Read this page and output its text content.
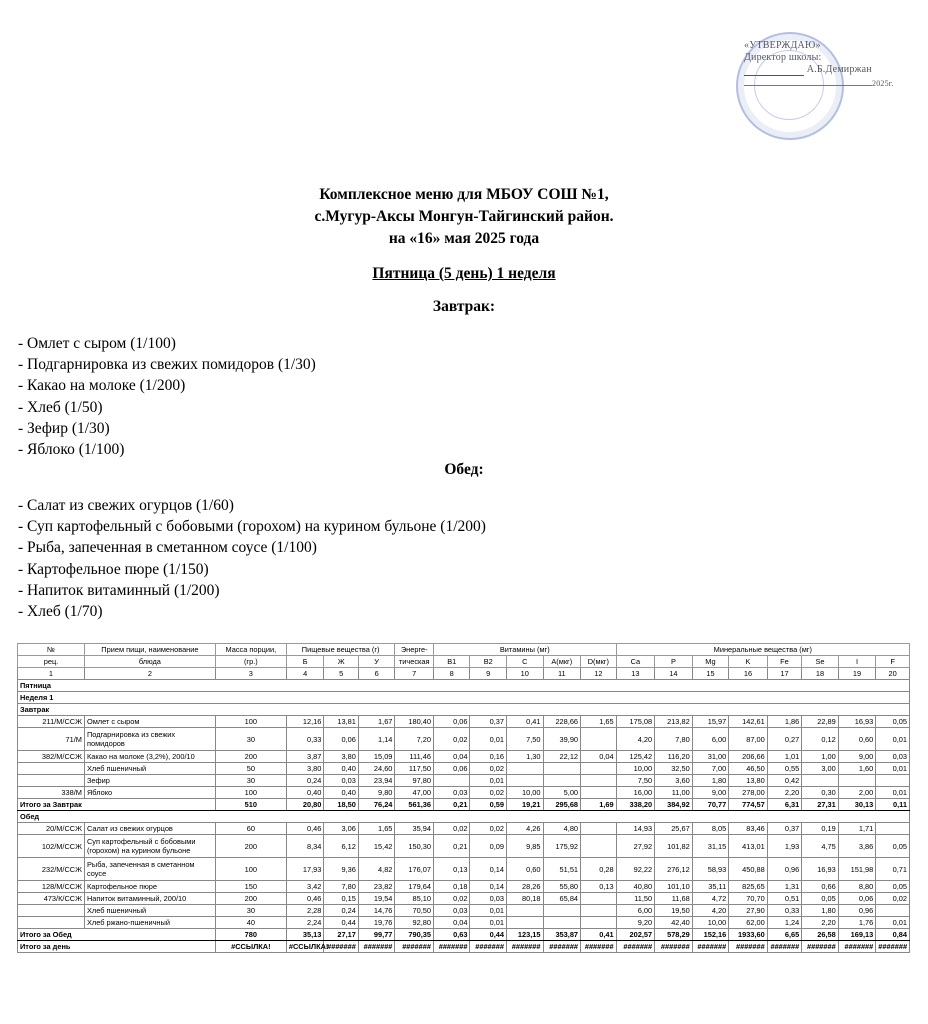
«УТВЕРЖДАЮ»
Директор школы:
А.Б.Демиржан
2025г.
Комплексное меню для МБОУ СОШ №1,
с.Мугур-Аксы Монгун-Тайгинский район.
на «16» мая 2025 года
Пятница (5 день) 1 неделя
Завтрак:
- Омлет с сыром (1/100)
- Подгарнировка из свежих помидоров (1/30)
- Какао на молоке (1/200)
- Хлеб (1/50)
- Зефир (1/30)
- Яблоко (1/100)
Обед:
- Салат из свежих огурцов (1/60)
- Суп картофельный с бобовыми (горохом) на курином бульоне (1/200)
- Рыба, запеченная в сметанном соусе (1/100)
- Картофельное пюре (1/150)
- Напиток витаминный (1/200)
- Хлеб (1/70)
№	Прием пищи, наименование	Масса порции,	Пищевые вещества (г)			Энерге-	Витамины (мг)					Минеральные вещества (мг)							
рец.	блюда	(гр.)	Б	Ж	У	тическая	В1	В2	С	А(мкг)	D(мкг)	Ca	P	Mg	K	Fe	Se	I	F
1	2	3	4	5	6	7	8	9	10	11	12	13	14	15	16	17	18	19	20
Пятница																			
Неделя 1																			
Завтрак																			
211/М/ССЖ	Омлет с сыром	100	12,16	13,81	1,67	180,40	0,06	0,37	0,41	228,66	1,65	175,08	213,82	15,97	142,61	1,86	22,89	16,93	0,05
71/М	Подгарнировка из свежих помидоров	30	0,33	0,06	1,14	7,20	0,02	0,01	7,50	39,90		4,20	7,80	6,00	87,00	0,27	0,12	0,60	0,01
382/М/ССЖ	Какао на молоке (3,2%), 200/10	200	3,87	3,80	15,09	111,46	0,04	0,16	1,30	22,12	0,04	125,42	116,20	31,00	206,66	1,01	1,00	9,00	0,03
	Хлеб пшеничный	50	3,80	0,40	24,60	117,50	0,06	0,02				10,00	32,50	7,00	46,50	0,55	3,00	1,60	0,01
	Зефир	30	0,24	0,03	23,94	97,80		0,01				7,50	3,60	1,80	13,80	0,42			
338/М	Яблоко	100	0,40	0,40	9,80	47,00	0,03	0,02	10,00	5,00		16,00	11,00	9,00	278,00	2,20	0,30	2,00	0,01
Итого за Завтрак		510	20,80	18,50	76,24	561,36	0,21	0,59	19,21	295,68	1,69	338,20	384,92	70,77	774,57	6,31	27,31	30,13	0,11
Обед																			
20/М/ССЖ	Салат из свежих огурцов	60	0,46	3,06	1,65	35,94	0,02	0,02	4,26	4,80		14,93	25,67	8,05	83,46	0,37	0,19	1,71	
102/М/ССЖ	Суп картофельный с бобовыми (горохом) на курином бульоне	200	8,34	6,12	15,42	150,30	0,21	0,09	9,85	175,92		27,92	101,82	31,15	413,01	1,93	4,75	3,86	0,05
232/М/ССЖ	Рыба, запеченная в сметанном соусе	100	17,93	9,36	4,82	176,07	0,13	0,14	0,60	51,51	0,28	92,22	276,12	58,93	450,88	0,96	16,93	151,98	0,71
128/М/ССЖ	Картофельное пюре	150	3,42	7,80	23,82	179,64	0,18	0,14	28,26	55,80	0,13	40,80	101,10	35,11	825,65	1,31	0,66	8,80	0,05
473/К/ССЖ	Напиток витаминный, 200/10	200	0,46	0,15	19,54	85,10	0,02	0,03	80,18	65,84		11,50	11,68	4,72	70,70	0,51	0,05	0,06	0,02
	Хлеб пшеничный	30	2,28	0,24	14,76	70,50	0,03	0,01				6,00	19,50	4,20	27,90	0,33	1,80	0,96	
	Хлеб ржано-пшеничный	40	2,24	0,44	19,76	92,80	0,04	0,01				9,20	42,40	10,00	62,00	1,24	2,20	1,76	0,01
Итого за Обед		780	35,13	27,17	99,77	790,35	0,63	0,44	123,15	353,87	0,41	202,57	578,29	152,16	1933,60	6,65	26,58	169,13	0,84
Итого за день		#ССЫЛКА!	#ССЫЛКА!	#######	#######	#######	#######	#######	#######	#######	#######	#######	#######	#######	#######	#######	#######	#######	#######
